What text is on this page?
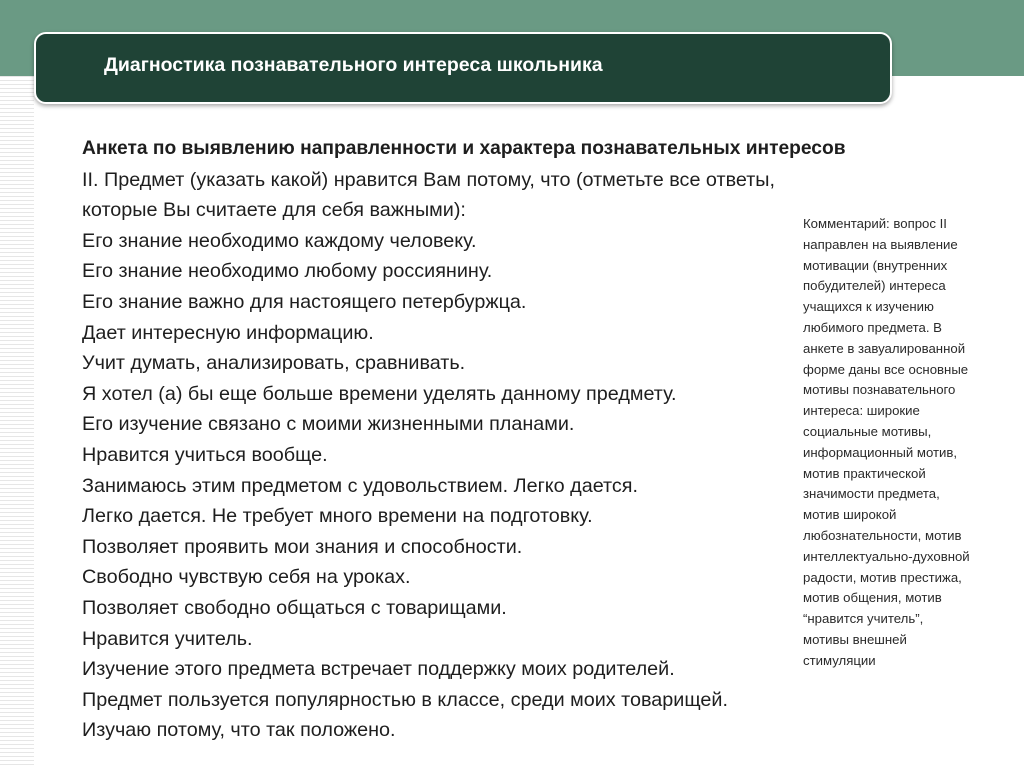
Диагностика познавательного интереса школьника
Анкета по выявлению направленности и характера познавательных интересов
II. Предмет (указать какой) нравится Вам потому, что (отметьте все ответы,
которые Вы считаете для себя важными):
Его знание необходимо каждому человеку.
Его знание необходимо любому россиянину.
Его знание важно для настоящего петербуржца.
Дает интересную информацию.
Учит думать, анализировать, сравнивать.
Я хотел (а) бы еще больше времени уделять данному предмету.
Его изучение связано с моими жизненными планами.
Нравится учиться вообще.
Занимаюсь этим предметом с удовольствием. Легко дается.
Легко дается. Не требует много времени на подготовку.
Позволяет проявить мои знания и способности.
Свободно чувствую себя на уроках.
Позволяет свободно общаться с товарищами.
Нравится учитель.
Изучение этого предмета встречает поддержку моих родителей.
Предмет пользуется популярностью в классе, среди моих товарищей.
Изучаю потому, что так положено.
Комментарий: вопрос II
направлен на выявление
мотивации (внутренних
побудителей) интереса
учащихся к изучению
любимого предмета. В
анкете в завуалированной
форме даны все основные
мотивы познавательного
интереса: широкие
социальные мотивы,
информационный мотив,
мотив практической
значимости предмета,
мотив широкой
любознательности, мотив
интеллектуально-духовной
радости, мотив престижа,
мотив общения, мотив
“нравится учитель”,
мотивы внешней
стимуляции
